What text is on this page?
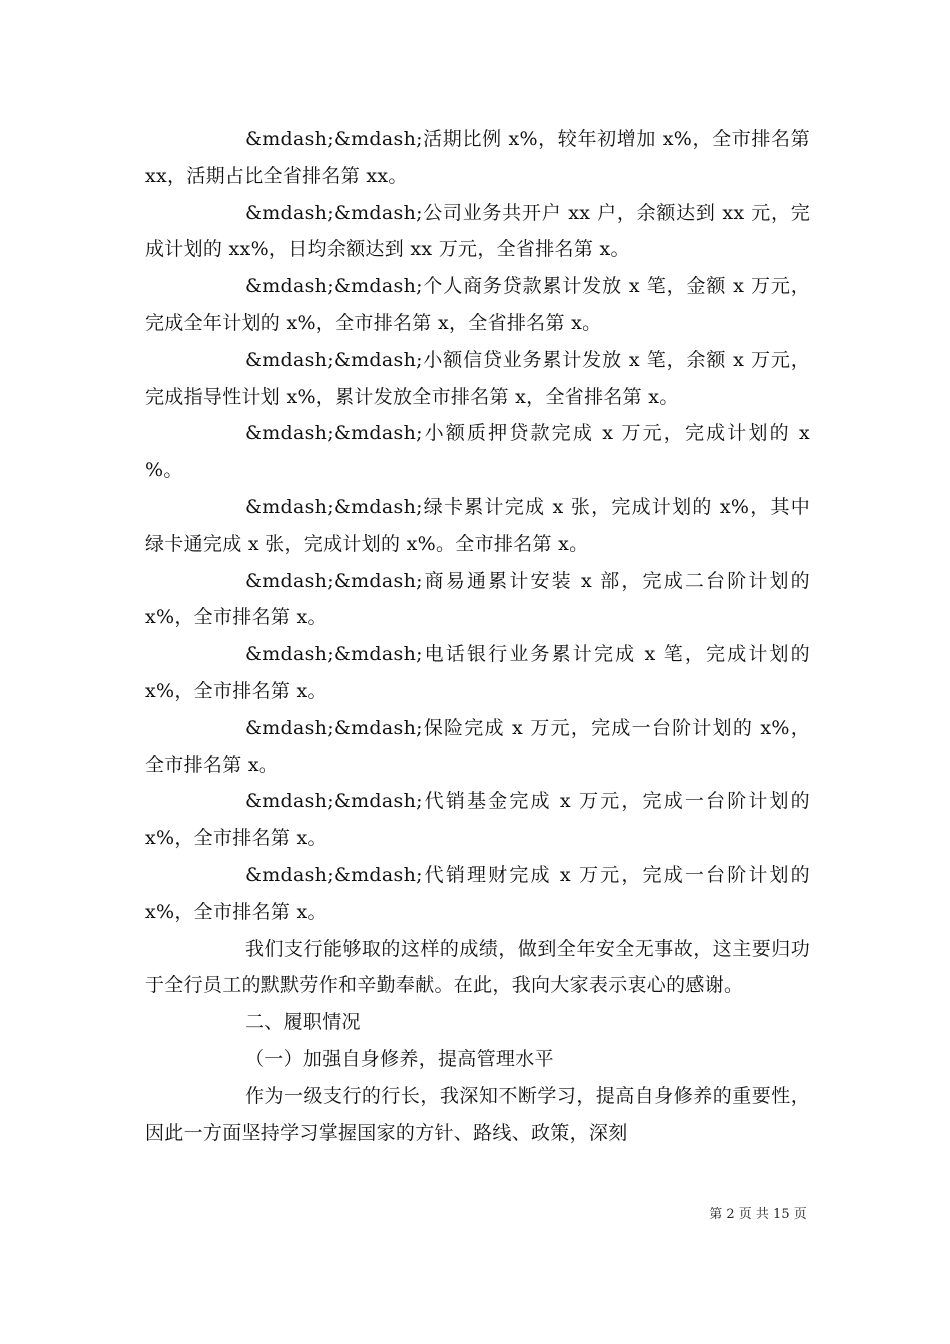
&mdash;&mdash;活期比例 x%，较年初增加 x%，全市排名第 xx，活期占比全省排名第 xx。

&mdash;&mdash;公司业务共开户 xx 户，余额达到 xx 元，完成计划的 xx%，日均余额达到 xx 万元，全省排名第 x。

&mdash;&mdash;个人商务贷款累计发放 x 笔，金额 x 万元，完成全年计划的 x%，全市排名第 x，全省排名第 x。

&mdash;&mdash;小额信贷业务累计发放 x 笔，余额 x 万元，完成指导性计划 x%，累计发放全市排名第 x，全省排名第 x。

&mdash;&mdash;小额质押贷款完成 x 万元，完成计划的 x %。

&mdash;&mdash;绿卡累计完成 x 张，完成计划的 x%，其中绿卡通完成 x 张，完成计划的 x%。全市排名第 x。

&mdash;&mdash;商易通累计安装 x 部，完成二台阶计划的 x%，全市排名第 x。

&mdash;&mdash;电话银行业务累计完成 x 笔，完成计划的 x%，全市排名第 x。

&mdash;&mdash;保险完成 x 万元，完成一台阶计划的 x%，全市排名第 x。

&mdash;&mdash;代销基金完成 x 万元，完成一台阶计划的 x%，全市排名第 x。

&mdash;&mdash;代销理财完成 x 万元，完成一台阶计划的 x%，全市排名第 x。

我们支行能够取的这样的成绩，做到全年安全无事故，这主要归功于全行员工的默默劳作和辛勤奉献。在此，我向大家表示衷心的感谢。

二、履职情况

（一）加强自身修养，提高管理水平

作为一级支行的行长，我深知不断学习，提高自身修养的重要性，因此一方面坚持学习掌握国家的方针、路线、政策，深刻

第 2 页 共 15 页
